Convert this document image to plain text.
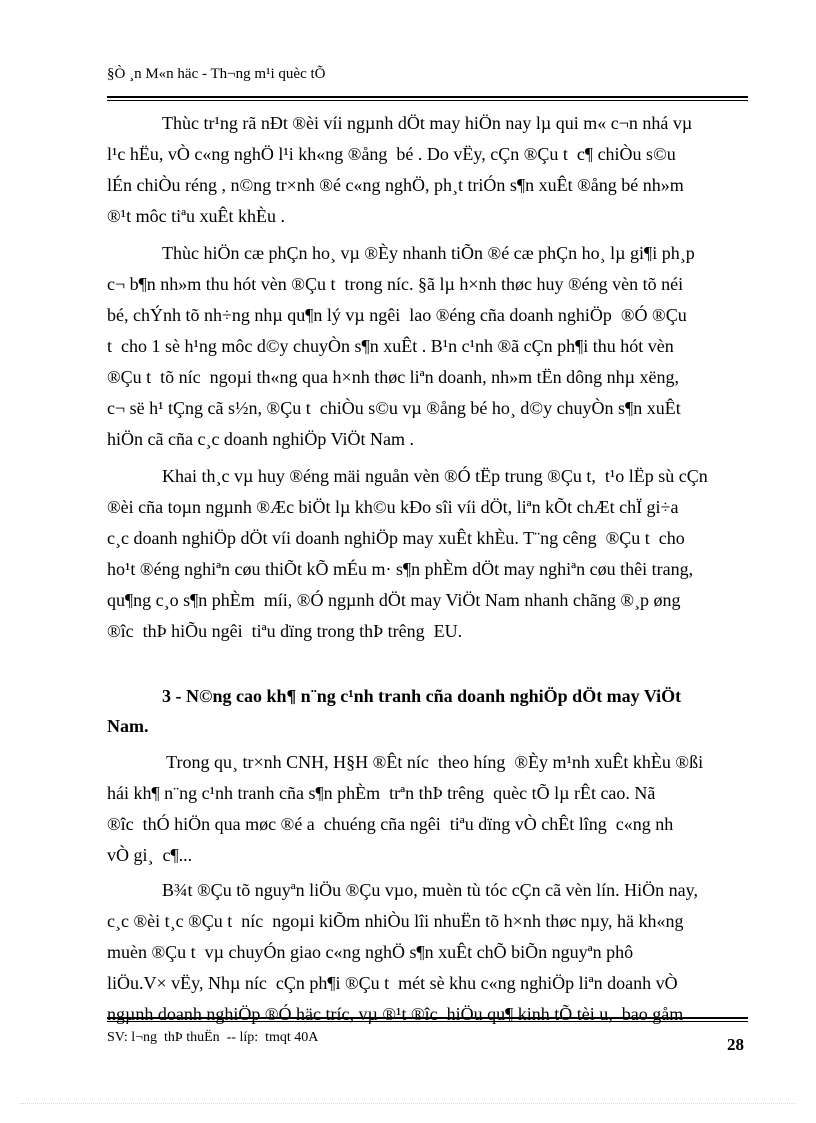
§Ò ¸n M«n häc - Th¬ng m¹i quèc tÕ
Thùc tr¹ng rã nÐt ®èi víi ngµnh dÖt may hiÖn nay lµ qui m« c¬n nhá vµ
l¹c hËu, vÒ c«ng nghÖ l¹i kh«ng ®ång  bé . Do vËy, cÇn ®Çu t  c¶ chiÒu s©u
lÉn chiÒu réng , n©ng tr×nh ®é c«ng nghÖ, ph¸t triÓn s¶n xuÊt ®ång bé nh»m
®¹t môc tiªu xuÊt khÈu .
Thùc hiÖn cæ phÇn ho¸ vµ ®Èy nhanh tiÕn ®é cæ phÇn ho¸ lµ gi¶i ph¸p
c¬ b¶n nh»m thu hót vèn ®Çu t  trong níc. §ã lµ h×nh thøc huy ®éng vèn tõ néi
bé, chÝnh tõ nh÷ng nhµ qu¶n lý vµ ngêi  lao ®éng cña doanh nghiÖp  ®Ó ®Çu
t  cho 1 sè h¹ng môc d©y chuyÒn s¶n xuÊt . B¹n c¹nh ®ã cÇn ph¶i thu hót vèn
®Çu t  tõ níc  ngoµi th«ng qua h×nh thøc liªn doanh, nh»m tËn dông nhµ xëng,
c¬ së h¹ tÇng cã s½n, ®Çu t  chiÒu s©u vµ ®ång bé ho¸ d©y chuyÒn s¶n xuÊt
hiÖn cã cña c¸c doanh nghiÖp ViÖt Nam .
Khai th¸c vµ huy ®éng mäi nguån vèn ®Ó tËp trung ®Çu t,  t¹o lËp sù cÇn
®èi cña toµn ngµnh ®Æc biÖt lµ kh©u kÐo sîi víi dÖt, liªn kÕt chÆt chÏ gi÷a
c¸c doanh nghiÖp dÖt víi doanh nghiÖp may xuÊt khÈu. T¨ng cêng  ®Çu t  cho
ho¹t ®éng nghiªn cøu thiÕt kÕ mÉu m· s¶n phÈm dÖt may nghiªn cøu thêi trang,
qu¶ng c¸o s¶n phÈm  míi, ®Ó ngµnh dÖt may ViÖt Nam nhanh chãng ®¸p øng
®îc  thÞ hiÕu ngêi  tiªu dïng trong thÞ trêng  EU.
3 - N©ng cao kh¶ n¨ng c¹nh tranh cña doanh nghiÖp dÖt may ViÖt
Nam.
Trong qu¸ tr×nh CNH, H§H ®Êt níc  theo híng  ®Èy m¹nh xuÊt khÈu ®ßi
hái kh¶ n¨ng c¹nh tranh cña s¶n phÈm  trªn thÞ trêng  quèc tÕ lµ rÊt cao. Nã
®îc  thÓ hiÖn qua møc ®é a  chuéng cña ngêi  tiªu dïng vÒ chÊt lîng  c«ng nh
vÒ gi¸  c¶...
B¾t ®Çu tõ nguyªn liÖu ®Çu vµo, muèn tù tóc cÇn cã vèn lín. HiÖn nay,
c¸c ®èi t¸c ®Çu t  níc  ngoµi kiÕm nhiÒu lîi nhuËn tõ h×nh thøc nµy, hä kh«ng
muèn ®Çu t  vµ chuyÓn giao c«ng nghÖ s¶n xuÊt chÕ biÕn nguyªn phô
liÖu.V× vËy, Nhµ níc  cÇn ph¶i ®Çu t  mét sè khu c«ng nghiÖp liªn doanh vÒ
ngµnh doanh nghiÖp ®Ó häc tríc, vµ ®¹t ®îc  hiÖu qu¶ kinh tÕ tèi u,  bao gåm
SV: l¬ng  thÞ thuËn  -- líp:  tmqt 40A	28
